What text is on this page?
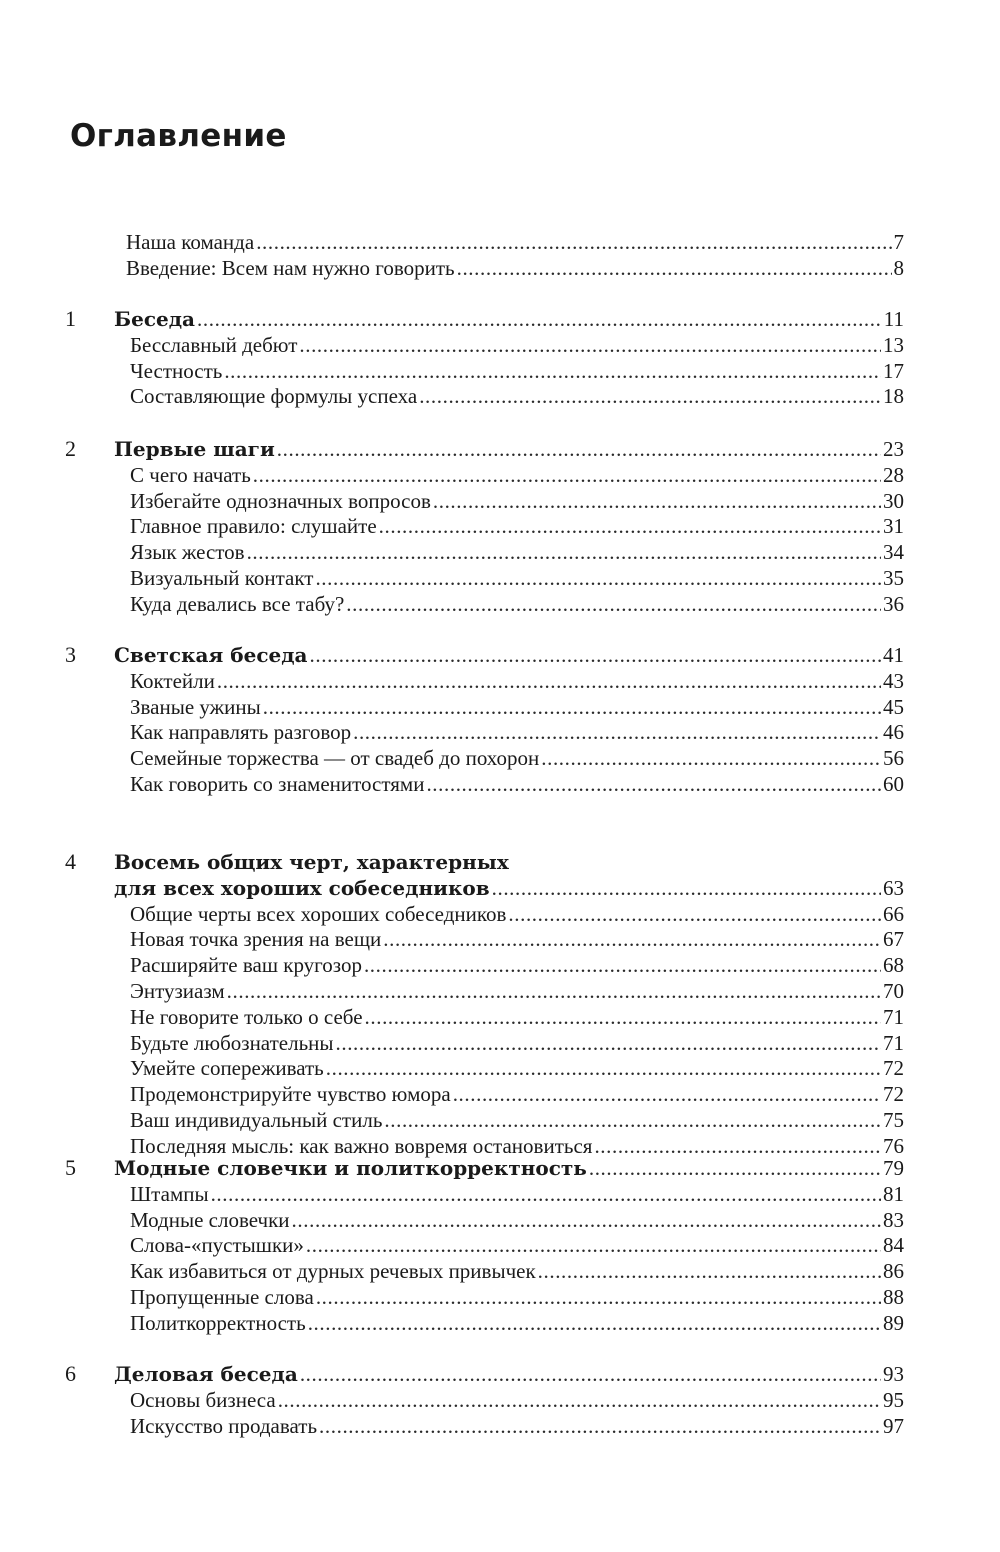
Оглавление
Наша команда .....	7
Введение: Всем нам нужно говорить .....	8
1	Беседа .....	11
Бесславный дебют .....	13
Честность .....	17
Составляющие формулы успеха .....	18
2	Первые шаги .....	23
С чего начать .....	28
Избегайте однозначных вопросов .....	30
Главное правило: слушайте .....	31
Язык жестов .....	34
Визуальный контакт .....	35
Куда девались все табу? .....	36
3	Светская беседа .....	41
Коктейли .....	43
Званые ужины .....	45
Как направлять разговор .....	46
Семейные торжества — от свадеб до похорон .....	56
Как говорить со знаменитостями .....	60
4	Восемь общих черт, характерных
для всех хороших собеседников .....	63
Общие черты всех хороших собеседников .....	66
Новая точка зрения на вещи .....	67
Расширяйте ваш кругозор .....	68
Энтузиазм .....	70
Не говорите только о себе .....	71
Будьте любознательны .....	71
Умейте сопереживать .....	72
Продемонстрируйте чувство юмора .....	72
Ваш индивидуальный стиль .....	75
Последняя мысль: как важно вовремя остановиться .....	76
5	Модные словечки и политкорректность .....	79
Штампы .....	81
Модные словечки .....	83
Слова-«пустышки» .....	84
Как избавиться от дурных речевых привычек .....	86
Пропущенные слова .....	88
Политкорректность .....	89
6	Деловая беседа .....	93
Основы бизнеса .....	95
Искусство продавать .....	97
